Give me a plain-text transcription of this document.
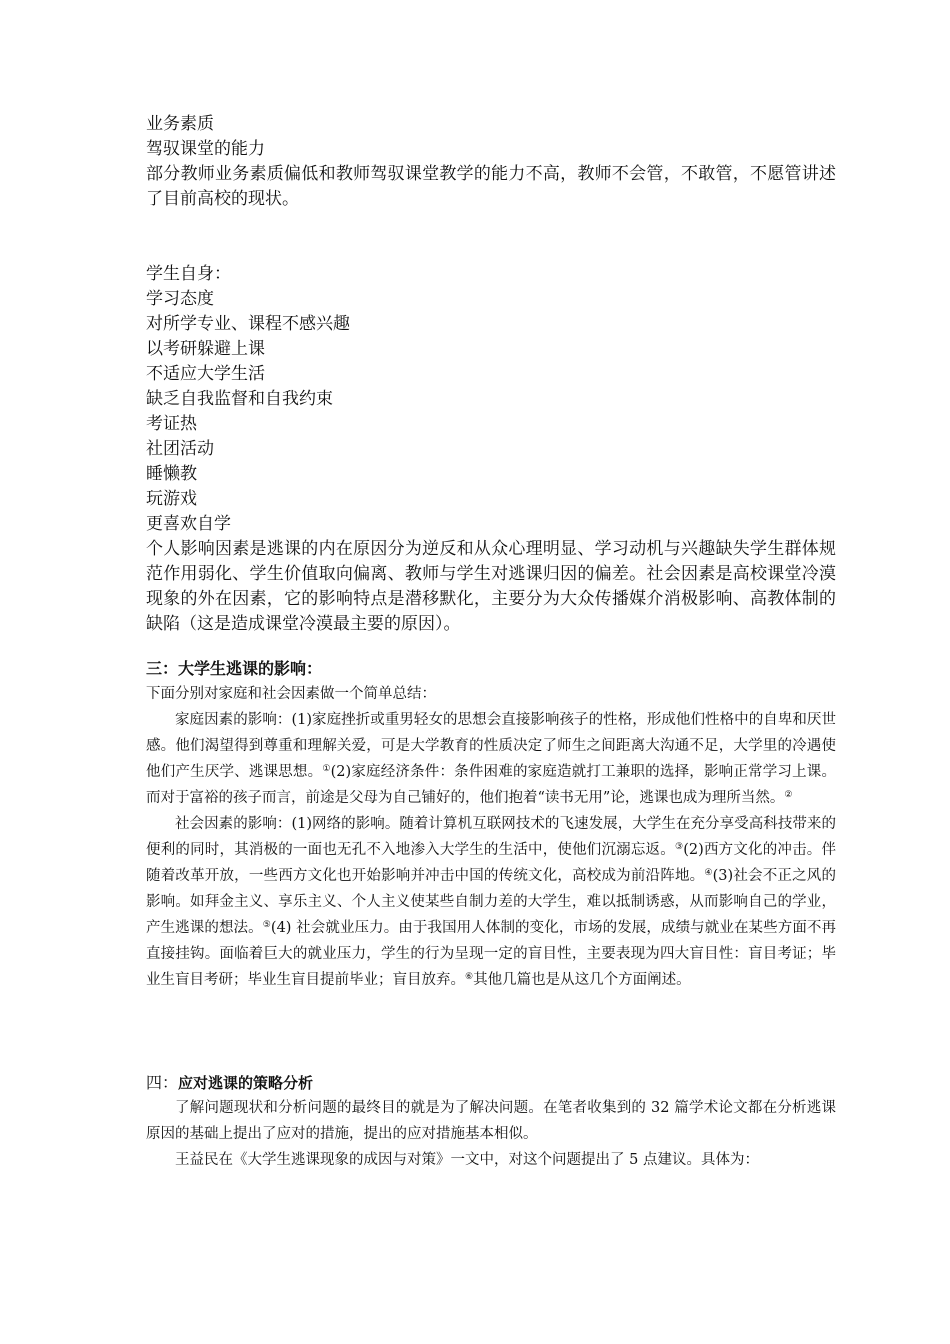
业务素质

驾驭课堂的能力

部分教师业务素质偏低和教师驾驭课堂教学的能力不高，教师不会管，不敢管，不愿管讲述了目前高校的现状。

学生自身：

学习态度

对所学专业、课程不感兴趣

以考研躲避上课

不适应大学生活

缺乏自我监督和自我约束

考证热

社团活动

睡懒教

玩游戏

更喜欢自学

个人影响因素是逃课的内在原因分为逆反和从众心理明显、学习动机与兴趣缺失学生群体规范作用弱化、学生价值取向偏离、教师与学生对逃课归因的偏差。社会因素是高校课堂冷漠现象的外在因素，它的影响特点是潜移默化，主要分为大众传播媒介消极影响、高教体制的缺陷（这是造成课堂冷漠最主要的原因）。

三：大学生逃课的影响：

下面分别对家庭和社会因素做一个简单总结：

家庭因素的影响：(1)家庭挫折或重男轻女的思想会直接影响孩子的性格，形成他们性格中的自卑和厌世感。他们渴望得到尊重和理解关爱，可是大学教育的性质决定了师生之间距离大沟通不足，大学里的冷遇使他们产生厌学、逃课思想。①(2)家庭经济条件：条件困难的家庭造就打工兼职的选择，影响正常学习上课。而对于富裕的孩子而言，前途是父母为自己铺好的，他们抱着“读书无用”论，逃课也成为理所当然。②

社会因素的影响：(1)网络的影响。随着计算机互联网技术的飞速发展，大学生在充分享受高科技带来的便利的同时，其消极的一面也无孔不入地渗入大学生的生活中，使他们沉溺忘返。③(2)西方文化的冲击。伴随着改革开放，一些西方文化也开始影响并冲击中国的传统文化，高校成为前沿阵地。④(3)社会不正之风的影响。如拜金主义、享乐主义、个人主义使某些自制力差的大学生，难以抵制诱惑，从而影响自己的学业，产生逃课的想法。⑤(4) 社会就业压力。由于我国用人体制的变化，市场的发展，成绩与就业在某些方面不再直接挂钩。面临着巨大的就业压力，学生的行为呈现一定的盲目性，主要表现为四大盲目性：盲目考证；毕业生盲目考研；毕业生盲目提前毕业；盲目放弃。⑥其他几篇也是从这几个方面阐述。

四：应对逃课的策略分析

了解问题现状和分析问题的最终目的就是为了解决问题。在笔者收集到的 32 篇学术论文都在分析逃课原因的基础上提出了应对的措施，提出的应对措施基本相似。

王益民在《大学生逃课现象的成因与对策》一文中，对这个问题提出了 5 点建议。具体为：
